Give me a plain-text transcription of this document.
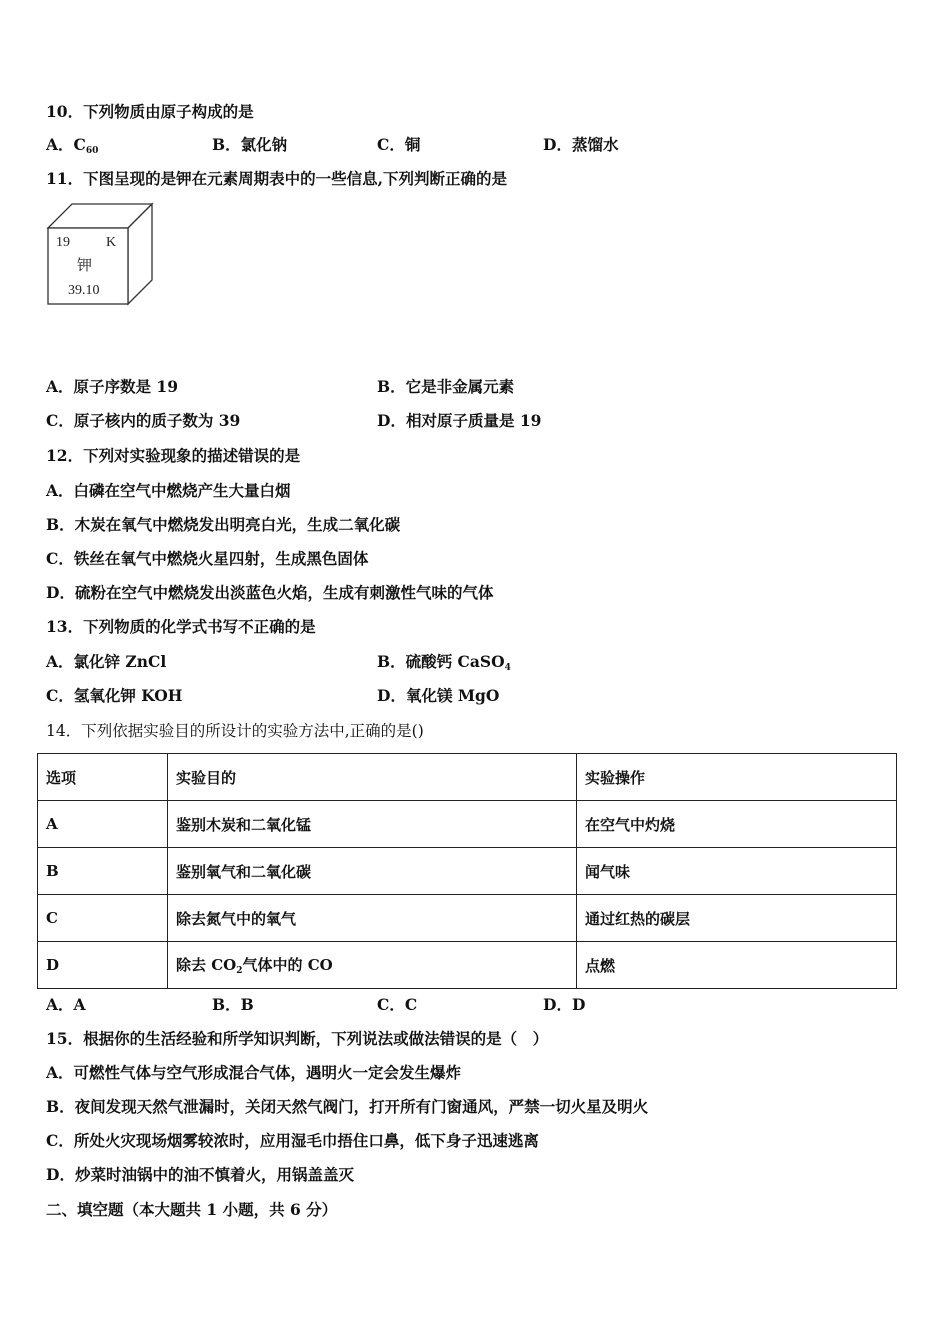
10．下列物质由原子构成的是
A．$C_{60}$	B．氯化钠	C．铜	D．蒸馏水
11．下图呈现的是钾在元素周期表中的一些信息,下列判断正确的是
19	K
钾
39.10
A．原子序数是 19	B．它是非金属元素
C．原子核内的质子数为 39	D．相对原子质量是 19
12．下列对实验现象的描述错误的是
A．白磷在空气中燃烧产生大量白烟
B．木炭在氧气中燃烧发出明亮白光，生成二氧化碳
C．铁丝在氧气中燃烧火星四射，生成黑色固体
D．硫粉在空气中燃烧发出淡蓝色火焰，生成有刺激性气味的气体
13．下列物质的化学式书写不正确的是
A．氯化锌 ZnCl	B．硫酸钙 CaSO$_4$
C．氢氧化钾 KOH	D．氧化镁 MgO
14．下列依据实验目的所设计的实验方法中,正确的是()
选项	实验目的	实验操作
A	鉴别木炭和二氧化锰	在空气中灼烧
B	鉴别氧气和二氧化碳	闻气味
C	除去氮气中的氧气	通过红热的碳层
D	除去 $CO_2$气体中的 CO	点燃
A．A	B．B	C．C	D．D
15．根据你的生活经验和所学知识判断，下列说法或做法错误的是（　）
A．可燃性气体与空气形成混合气体，遇明火一定会发生爆炸
B．夜间发现天然气泄漏时，关闭天然气阀门，打开所有门窗通风，严禁一切火星及明火
C．所处火灾现场烟雾较浓时，应用湿毛巾捂住口鼻，低下身子迅速逃离
D．炒菜时油锅中的油不慎着火，用锅盖盖灭
二、填空题（本大题共 1 小题，共 6 分）
